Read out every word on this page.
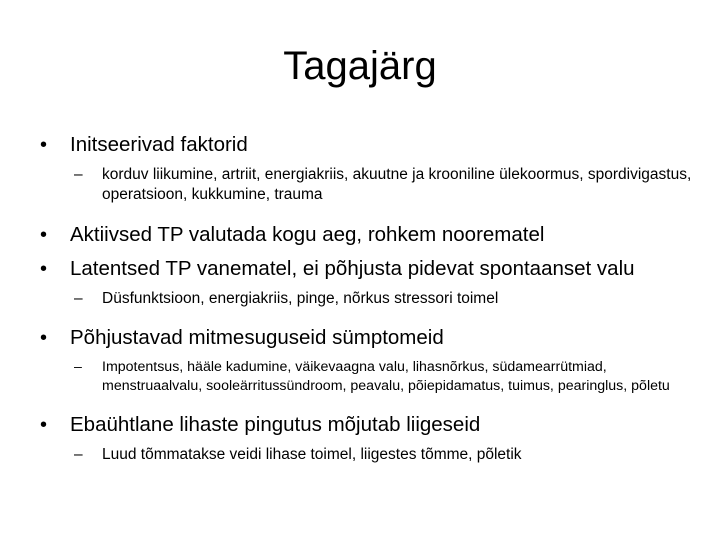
Tagajärg
• Initseerivad faktorid
– korduv liikumine, artriit, energiakriis, akuutne ja krooniline ülekoormus, spordivigastus, operatsioon, kukkumine, trauma
• Aktiivsed TP valutada kogu aeg, rohkem noorematel
• Latentsed TP vanematel, ei põhjusta pidevat spontaanset valu
– Düsfunktsioon, energiakriis, pinge, nõrkus stressori toimel
• Põhjustavad mitmesuguseid sümptomeid
– Impotentsus, hääle kadumine, väikevaagna valu, lihasnõrkus, südamearrütmiad, menstruaalvalu, sooleärritussündroom, peavalu, põiepidamatus, tuimus, pearinglus, põletu
• Ebaühtlane lihaste pingutus mõjutab liigeseid
– Luud tõmmatakse veidi lihase toimel, liigestes tõmme, põletik
